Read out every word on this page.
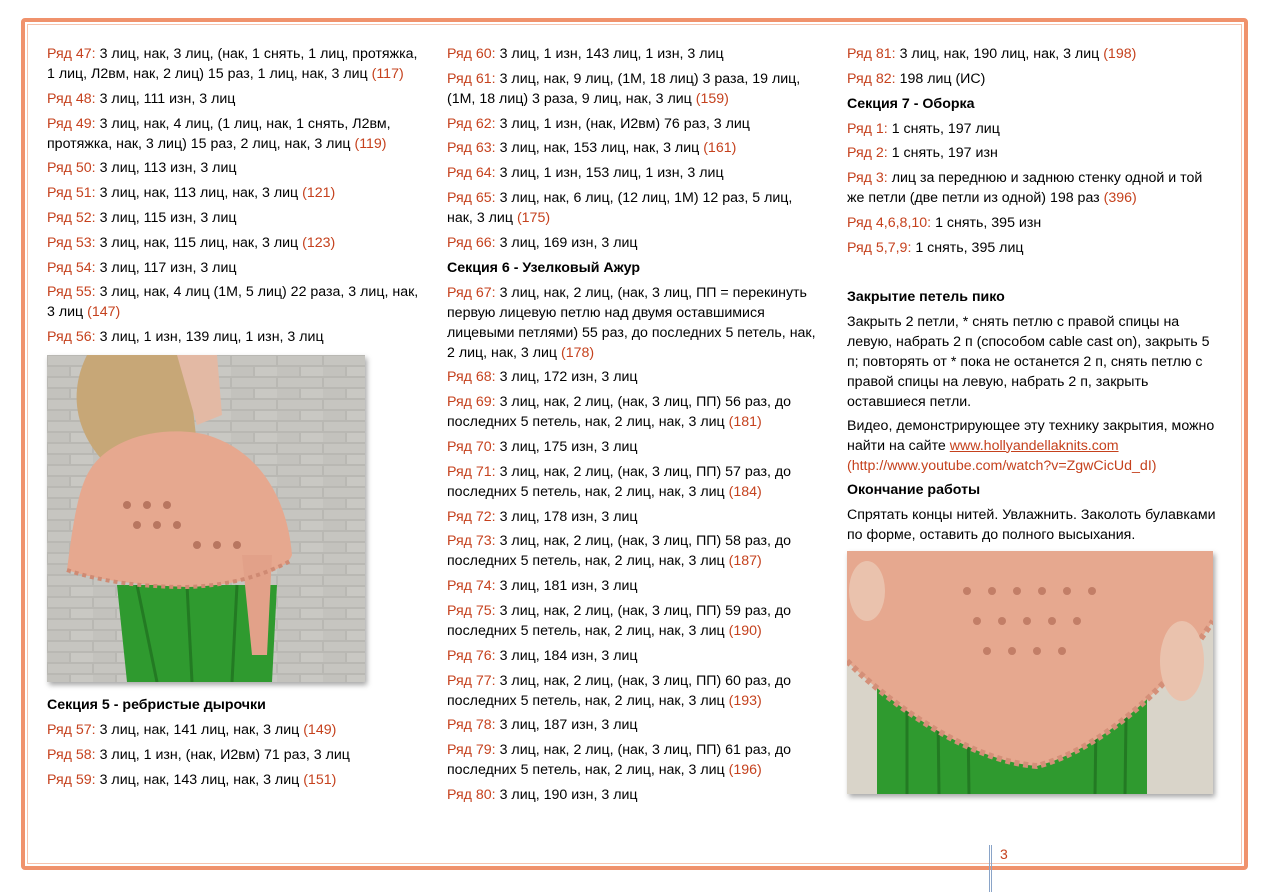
Ряд 47: 3 лиц, нак, 3 лиц, (нак, 1 снять, 1 лиц, протяжка, 1 лиц, Л2вм, нак, 2 лиц) 15 раз, 1 лиц, нак, 3 лиц (117)
Ряд 48: 3 лиц, 111 изн, 3 лиц
Ряд 49: 3 лиц, нак, 4 лиц, (1 лиц, нак, 1 снять, Л2вм, протяжка, нак, 3 лиц) 15 раз, 2 лиц, нак, 3 лиц (119)
Ряд 50: 3 лиц, 113 изн, 3 лиц
Ряд 51: 3 лиц, нак, 113 лиц, нак, 3 лиц (121)
Ряд 52: 3 лиц, 115 изн, 3 лиц
Ряд 53: 3 лиц, нак, 115 лиц, нак, 3 лиц (123)
Ряд 54: 3 лиц, 117 изн, 3 лиц
Ряд 55: 3 лиц, нак, 4 лиц (1М, 5 лиц) 22 раза, 3 лиц, нак, 3 лиц (147)
Ряд 56: 3 лиц, 1 изн, 139 лиц, 1 изн, 3 лиц
Секция 5 - ребристые дырочки
Ряд 57: 3 лиц, нак, 141 лиц, нак, 3 лиц (149)
Ряд 58: 3 лиц, 1 изн, (нак, И2вм) 71 раз, 3 лиц
Ряд 59: 3 лиц, нак, 143 лиц, нак, 3 лиц (151)
Ряд 60: 3 лиц, 1 изн, 143 лиц, 1 изн, 3 лиц
Ряд 61: 3 лиц, нак, 9 лиц, (1М, 18 лиц) 3 раза, 19 лиц, (1М, 18 лиц) 3 раза, 9 лиц, нак, 3 лиц (159)
Ряд 62: 3 лиц, 1 изн, (нак, И2вм) 76 раз, 3 лиц
Ряд 63: 3 лиц, нак, 153 лиц, нак, 3 лиц (161)
Ряд 64: 3 лиц, 1 изн, 153 лиц, 1 изн, 3 лиц
Ряд 65: 3 лиц, нак, 6 лиц, (12 лиц, 1М) 12 раз, 5 лиц, нак, 3 лиц (175)
Ряд 66: 3 лиц, 169 изн, 3 лиц
Секция 6 - Узелковый Ажур
Ряд 67: 3 лиц, нак, 2 лиц, (нак, 3 лиц, ПП = перекинуть первую лицевую петлю над двумя оставшимися лицевыми петлями) 55 раз, до последних 5 петель, нак, 2 лиц, нак, 3 лиц (178)
Ряд 68: 3 лиц, 172 изн, 3 лиц
Ряд 69: 3 лиц, нак, 2 лиц, (нак, 3 лиц, ПП) 56 раз, до последних 5 петель, нак, 2 лиц, нак, 3 лиц (181)
Ряд 70: 3 лиц, 175 изн, 3 лиц
Ряд 71: 3 лиц, нак, 2 лиц, (нак, 3 лиц, ПП) 57 раз, до последних 5 петель, нак, 2 лиц, нак, 3 лиц (184)
Ряд 72: 3 лиц, 178 изн, 3 лиц
Ряд 73: 3 лиц, нак, 2 лиц, (нак, 3 лиц, ПП) 58 раз, до последних 5 петель, нак, 2 лиц, нак, 3 лиц (187)
Ряд 74: 3 лиц, 181 изн, 3 лиц
Ряд 75: 3 лиц, нак, 2 лиц, (нак, 3 лиц, ПП) 59 раз, до последних 5 петель, нак, 2 лиц, нак, 3 лиц (190)
Ряд 76: 3 лиц, 184 изн, 3 лиц
Ряд 77: 3 лиц, нак, 2 лиц, (нак, 3 лиц, ПП) 60 раз, до последних 5 петель, нак, 2 лиц, нак, 3 лиц (193)
Ряд 78: 3 лиц, 187 изн, 3 лиц
Ряд 79: 3 лиц, нак, 2 лиц, (нак, 3 лиц, ПП) 61 раз, до последних 5 петель, нак, 2 лиц, нак, 3 лиц (196)
Ряд 80: 3 лиц, 190 изн, 3 лиц
Ряд 81: 3 лиц, нак, 190 лиц, нак, 3 лиц (198)
Ряд 82: 198 лиц (ИС)
Секция 7 - Оборка
Ряд 1: 1 снять, 197 лиц
Ряд 2: 1 снять, 197 изн
Ряд 3: лиц за переднюю и заднюю стенку одной и той же петли (две петли из одной) 198 раз (396)
Ряд 4,6,8,10: 1 снять, 395 изн
Ряд 5,7,9: 1 снять, 395 лиц
Закрытие петель пико
Закрыть 2 петли, * снять петлю с правой спицы на левую, набрать 2 п (способом cable cast on), закрыть 5 п; повторять от * пока не останется 2 п, снять петлю с правой спицы на левую, набрать 2 п, закрыть оставшиеся петли.
Видео, демонстрирующее эту технику закрытия, можно найти на сайте www.hollyandellaknits.com (http://www.youtube.com/watch?v=ZgwCicUd_dI)
Окончание работы
Спрятать концы нитей. Увлажнить. Заколоть булавками по форме, оставить до полного высыхания.
3
